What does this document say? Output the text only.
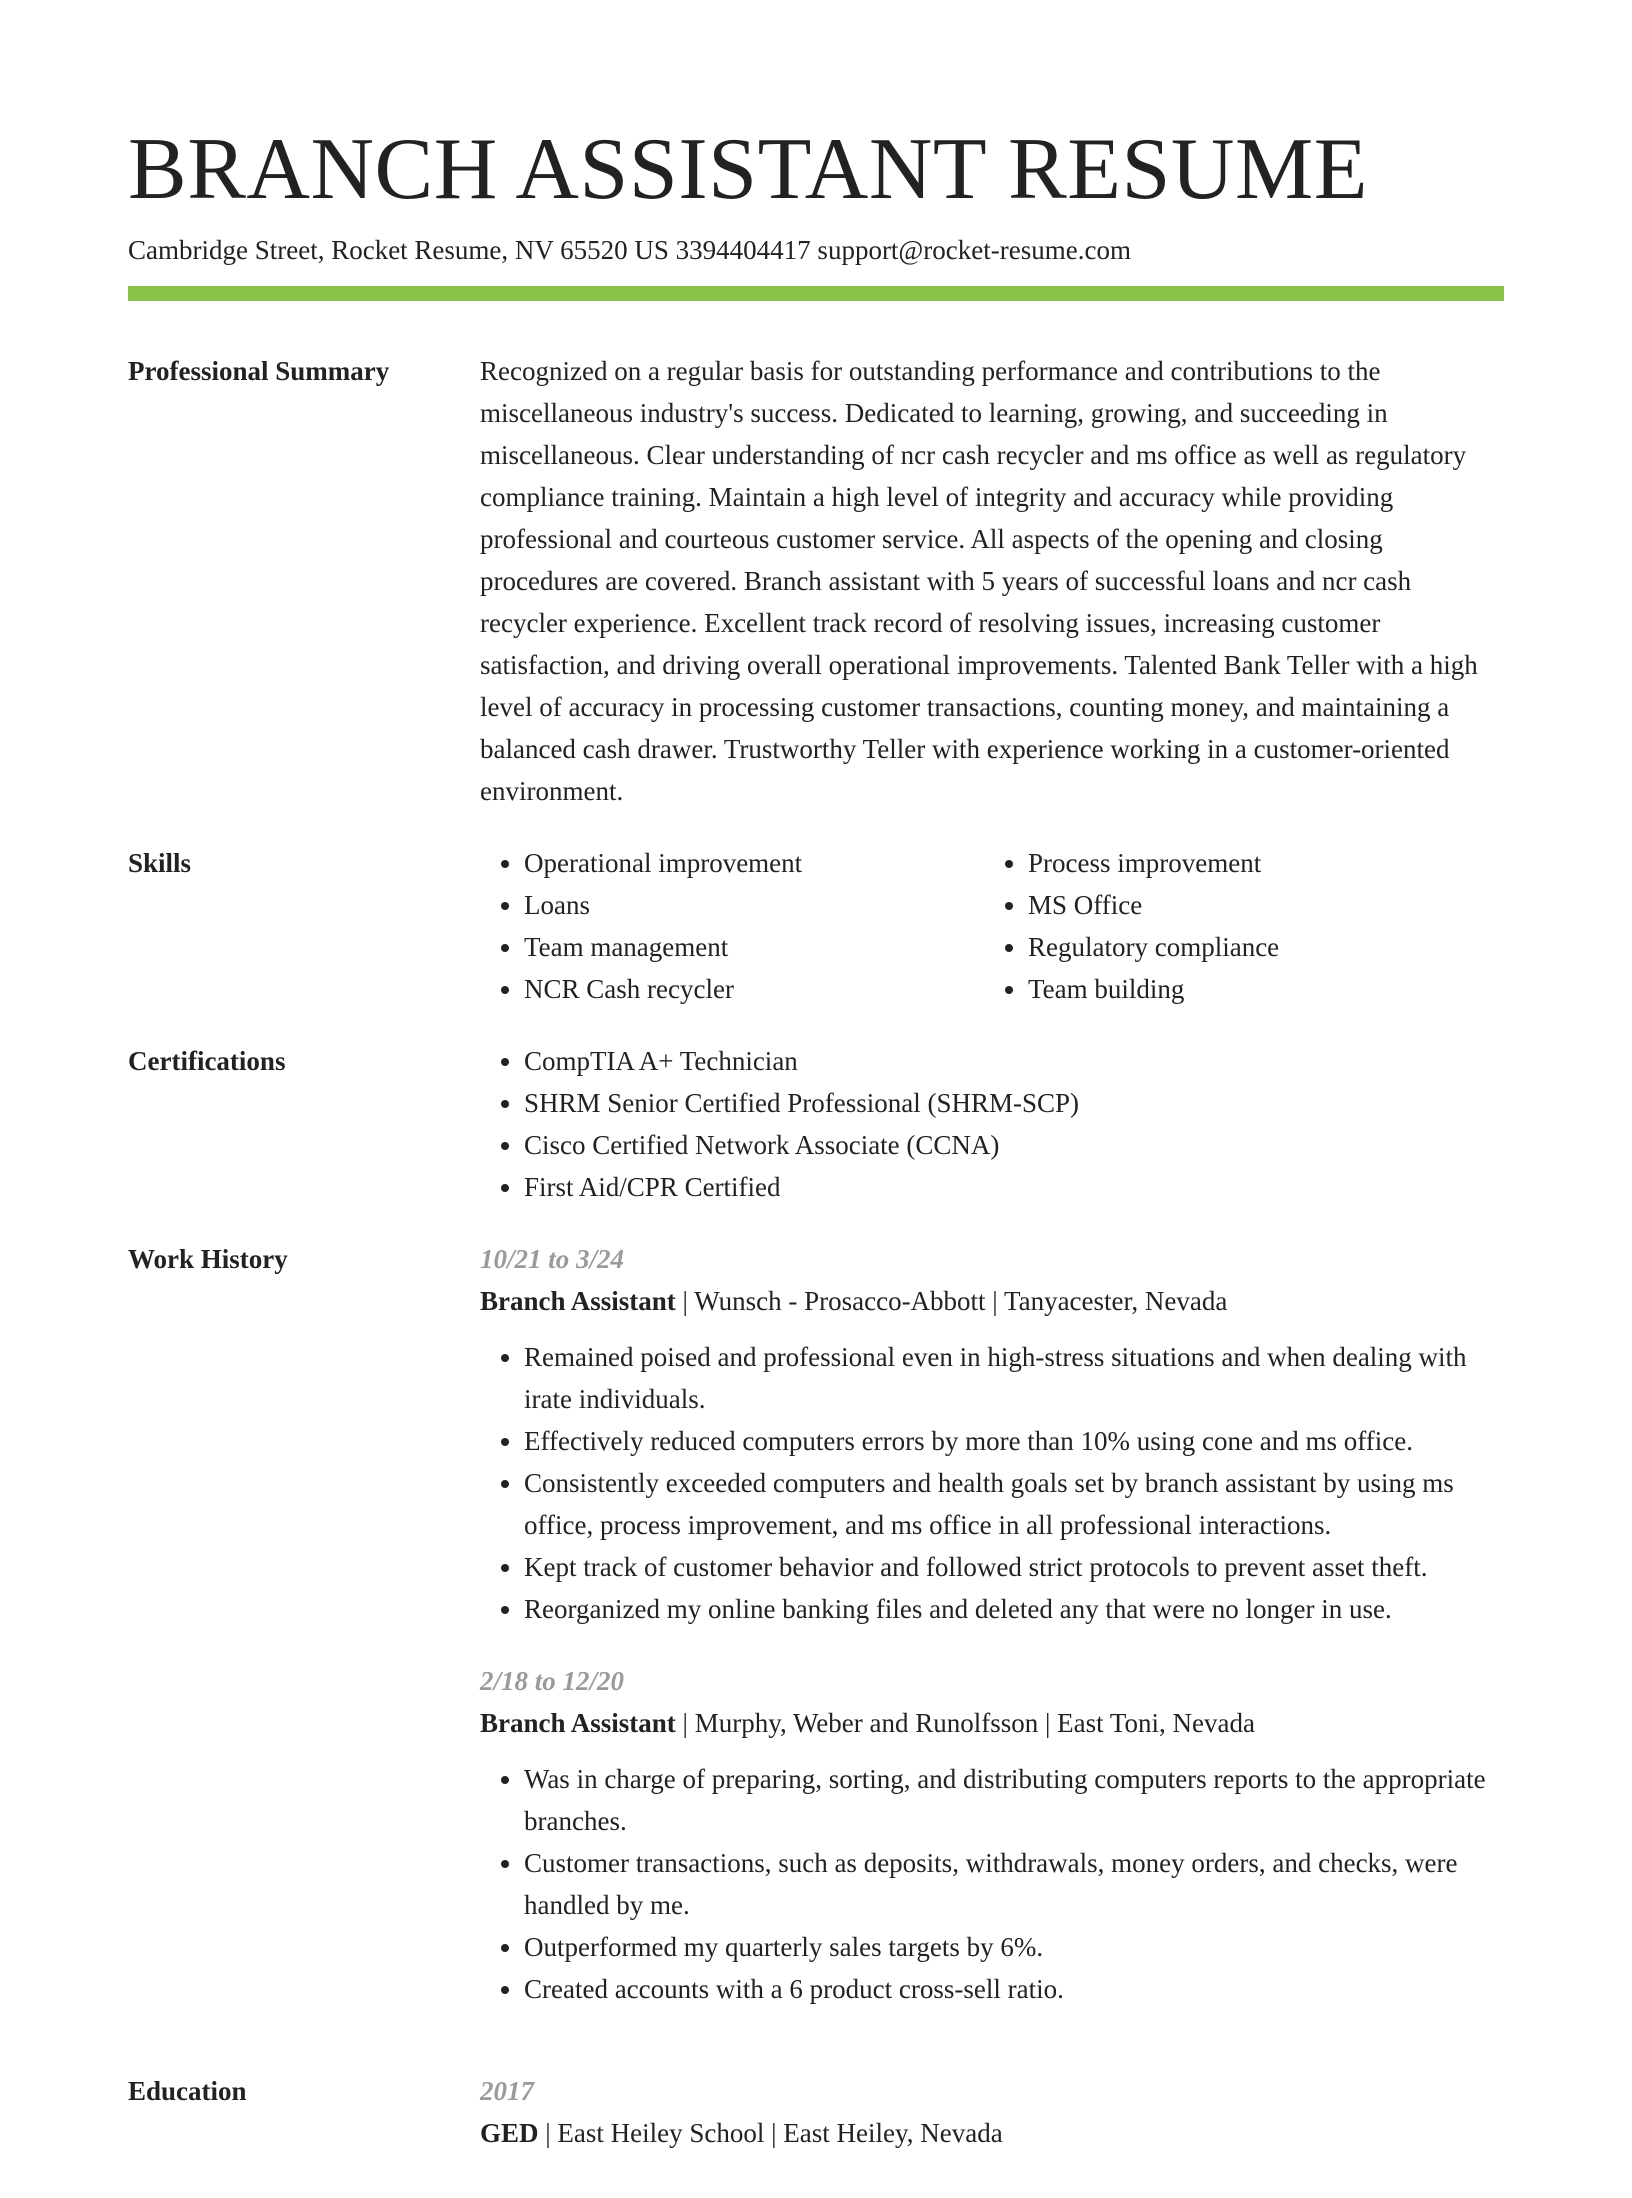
BRANCH ASSISTANT RESUME
Cambridge Street, Rocket Resume, NV 65520 US 3394404417 support@rocket-resume.com
Professional Summary	Recognized on a regular basis for outstanding performance and contributions to the miscellaneous industry's success. Dedicated to learning, growing, and succeeding in miscellaneous. Clear understanding of ncr cash recycler and ms office as well as regulatory compliance training. Maintain a high level of integrity and accuracy while providing professional and courteous customer service. All aspects of the opening and closing procedures are covered. Branch assistant with 5 years of successful loans and ncr cash recycler experience. Excellent track record of resolving issues, increasing customer satisfaction, and driving overall operational improvements. Talented Bank Teller with a high level of accuracy in processing customer transactions, counting money, and maintaining a balanced cash drawer. Trustworthy Teller with experience working in a customer-oriented environment.

Skills	• Operational improvement
• Loans
• Team management
• NCR Cash recycler
• Process improvement
• MS Office
• Regulatory compliance
• Team building
Certifications	• CompTIA A+ Technician
• SHRM Senior Certified Professional (SHRM-SCP)
• Cisco Certified Network Associate (CCNA)
• First Aid/CPR Certified
Work History	10/21 to 3/24
Branch Assistant | Wunsch - Prosacco-Abbott | Tanyacester, Nevada
• Remained poised and professional even in high-stress situations and when dealing with irate individuals.
• Effectively reduced computers errors by more than 10% using cone and ms office.
• Consistently exceeded computers and health goals set by branch assistant by using ms office, process improvement, and ms office in all professional interactions.
• Kept track of customer behavior and followed strict protocols to prevent asset theft.
• Reorganized my online banking files and deleted any that were no longer in use.
2/18 to 12/20
Branch Assistant | Murphy, Weber and Runolfsson | East Toni, Nevada
• Was in charge of preparing, sorting, and distributing computers reports to the appropriate branches.
• Customer transactions, such as deposits, withdrawals, money orders, and checks, were handled by me.
• Outperformed my quarterly sales targets by 6%.
• Created accounts with a 6 product cross-sell ratio.
Education	2017
GED | East Heiley School | East Heiley, Nevada
